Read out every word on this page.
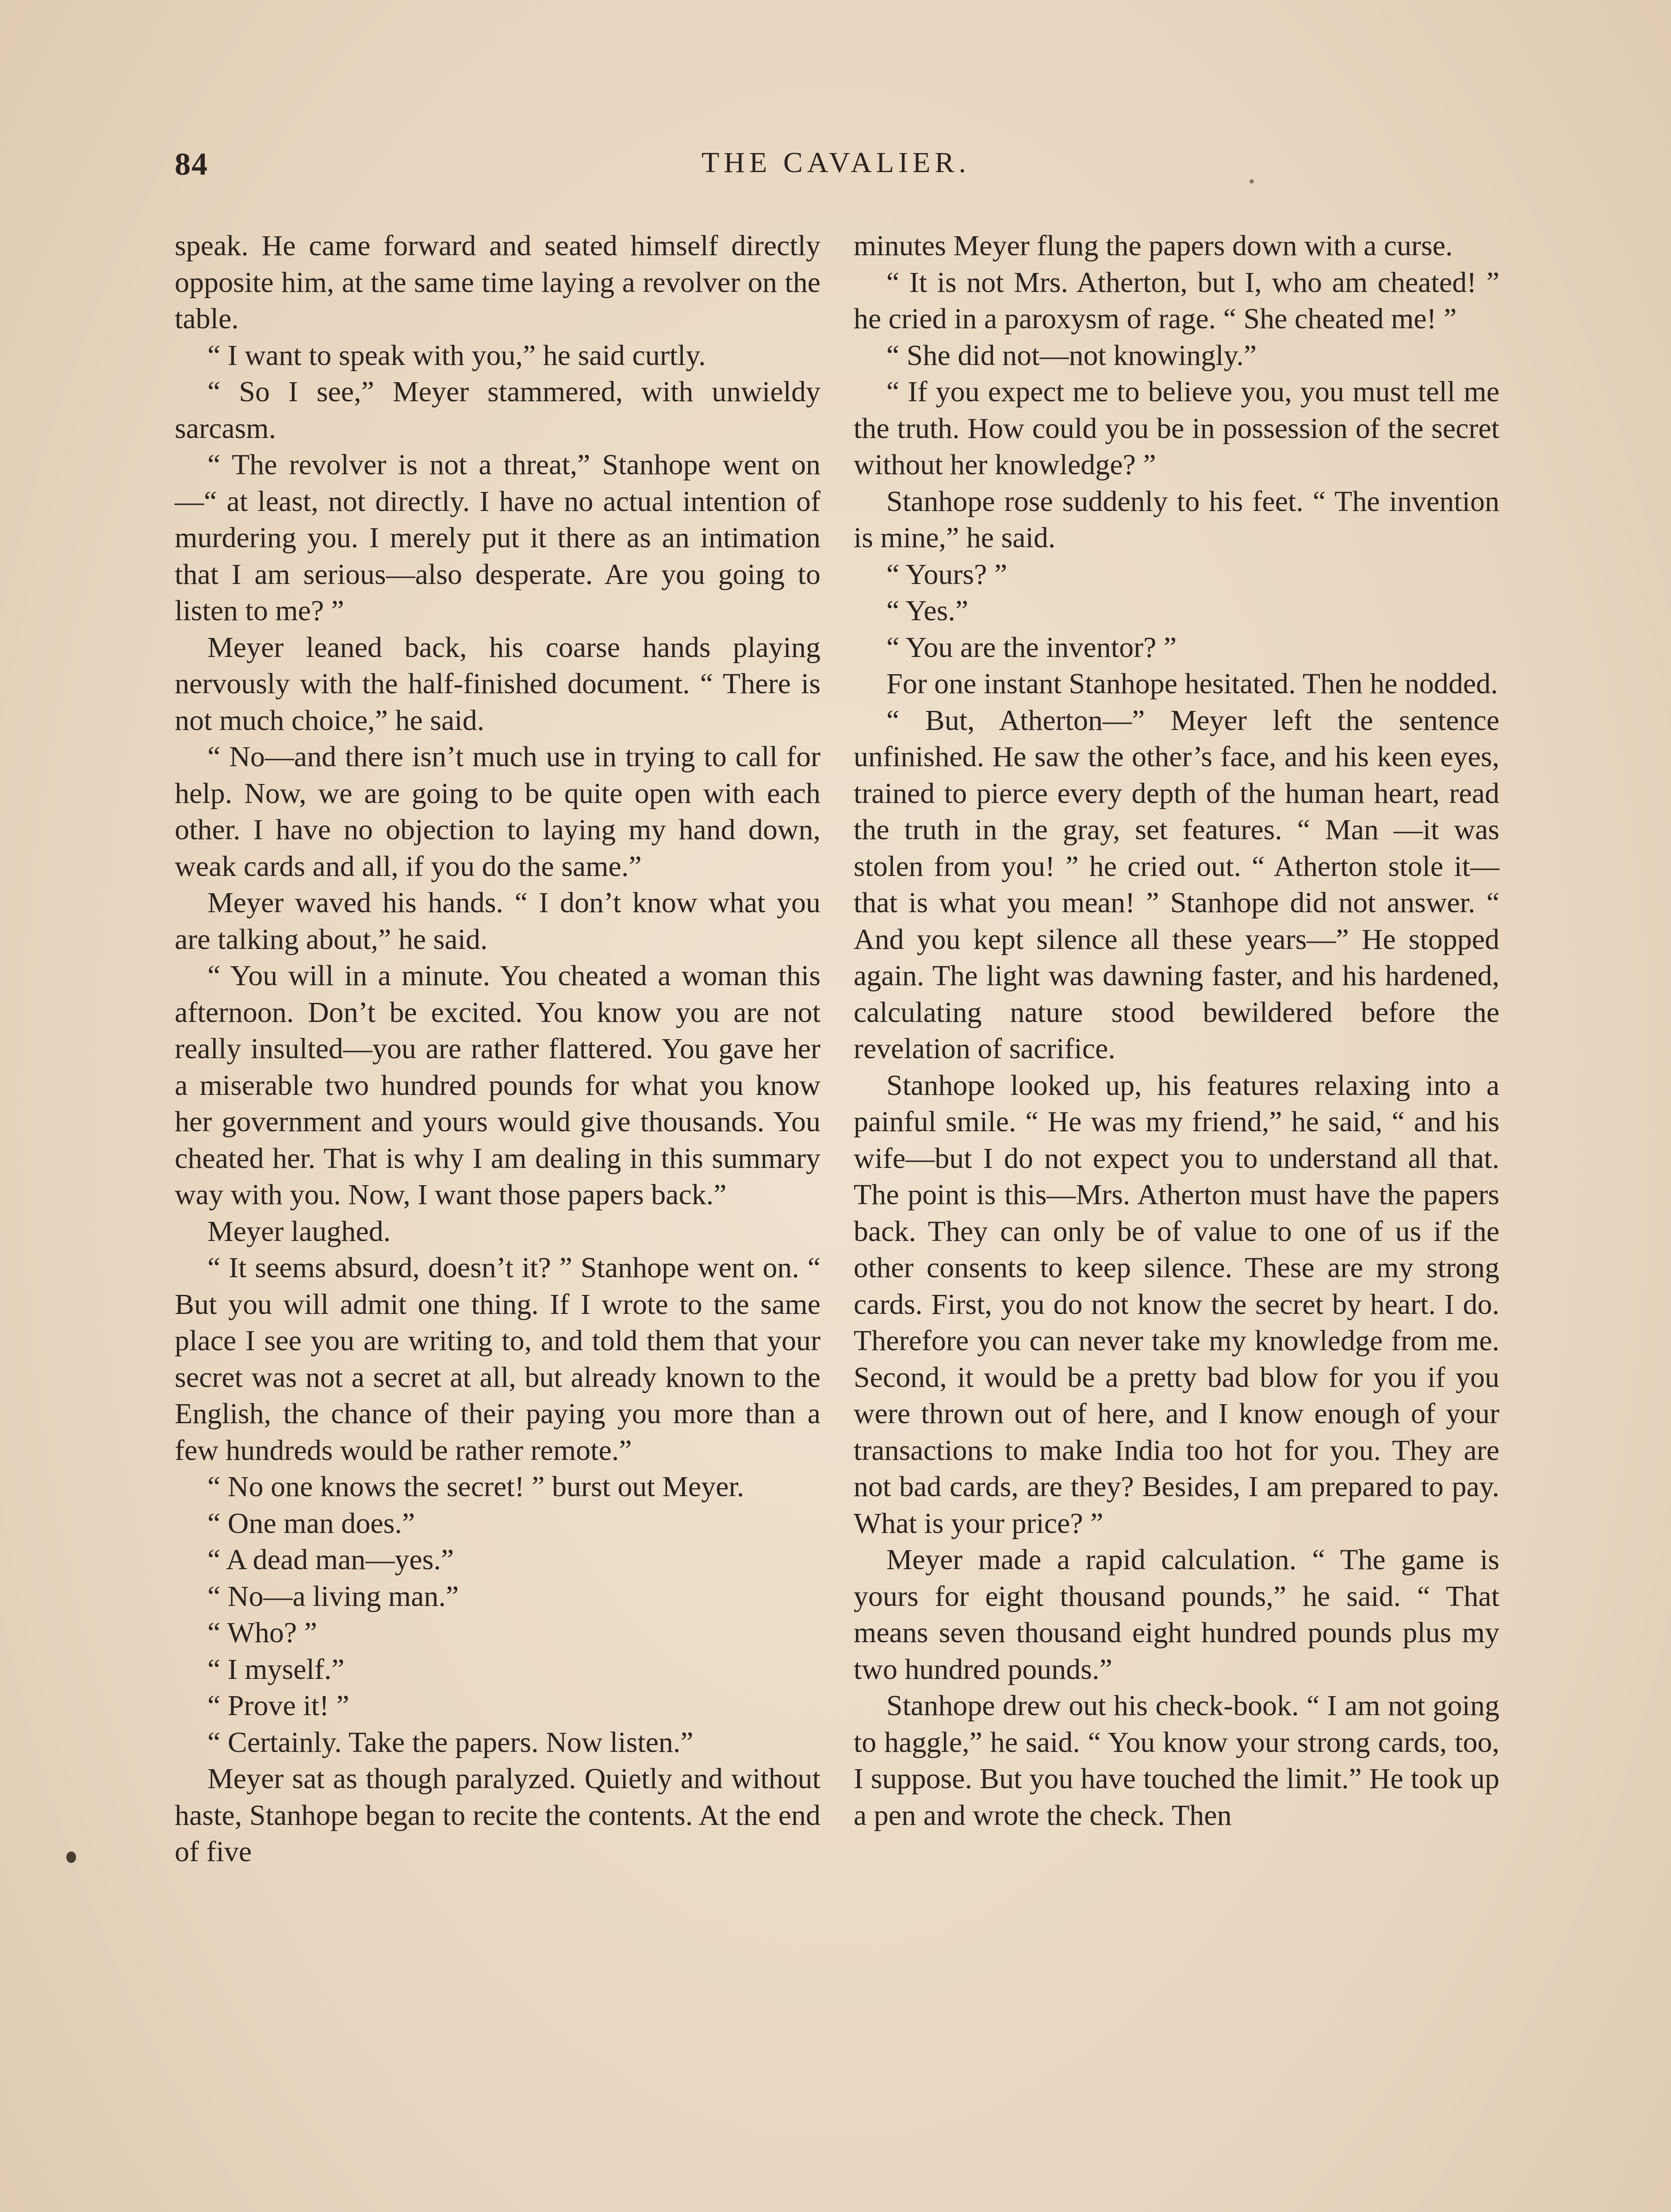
84	THE CAVALIER.

speak. He came forward and seated himself directly opposite him, at the same time laying a revolver on the table.

“ I want to speak with you,” he said curtly.

“ So I see,” Meyer stammered, with unwieldy sarcasm.

“ The revolver is not a threat,” Stanhope went on—“ at least, not directly. I have no actual intention of murdering you. I merely put it there as an intimation that I am serious—also desperate. Are you going to listen to me? ”

Meyer leaned back, his coarse hands playing nervously with the half-finished document. “ There is not much choice,” he said.

“ No—and there isn’t much use in trying to call for help. Now, we are going to be quite open with each other. I have no objection to laying my hand down, weak cards and all, if you do the same.”

Meyer waved his hands. “ I don’t know what you are talking about,” he said.

“ You will in a minute. You cheated a woman this afternoon. Don’t be excited. You know you are not really insulted—you are rather flattered. You gave her a miserable two hundred pounds for what you know her government and yours would give thousands. You cheated her. That is why I am dealing in this summary way with you. Now, I want those papers back.”

Meyer laughed.

“ It seems absurd, doesn’t it? ” Stanhope went on. “ But you will admit one thing. If I wrote to the same place I see you are writing to, and told them that your secret was not a secret at all, but already known to the English, the chance of their paying you more than a few hundreds would be rather remote.”

“ No one knows the secret! ” burst out Meyer.

“ One man does.”

“ A dead man—yes.”

“ No—a living man.”

“ Who? ”

“ I myself.”

“ Prove it! ”

“ Certainly. Take the papers. Now listen.”

Meyer sat as though paralyzed. Quietly and without haste, Stanhope began to recite the contents. At the end of five

minutes Meyer flung the papers down with a curse.

“ It is not Mrs. Atherton, but I, who am cheated! ” he cried in a paroxysm of rage. “ She cheated me! ”

“ She did not—not knowingly.”

“ If you expect me to believe you, you must tell me the truth. How could you be in possession of the secret without her knowledge? ”

Stanhope rose suddenly to his feet. “ The invention is mine,” he said.

“ Yours? ”

“ Yes.”

“ You are the inventor? ”

For one instant Stanhope hesitated. Then he nodded.

“ But, Atherton—” Meyer left the sentence unfinished. He saw the other’s face, and his keen eyes, trained to pierce every depth of the human heart, read the truth in the gray, set features. “ Man —it was stolen from you! ” he cried out. “ Atherton stole it—that is what you mean! ” Stanhope did not answer. “ And you kept silence all these years—” He stopped again. The light was dawning faster, and his hardened, calculating nature stood bewildered before the revelation of sacrifice.

Stanhope looked up, his features relaxing into a painful smile. “ He was my friend,” he said, “ and his wife—but I do not expect you to understand all that. The point is this—Mrs. Atherton must have the papers back. They can only be of value to one of us if the other consents to keep silence. These are my strong cards. First, you do not know the secret by heart. I do. Therefore you can never take my knowledge from me. Second, it would be a pretty bad blow for you if you were thrown out of here, and I know enough of your transactions to make India too hot for you. They are not bad cards, are they? Besides, I am prepared to pay. What is your price? ”

Meyer made a rapid calculation. “ The game is yours for eight thousand pounds,” he said. “ That means seven thousand eight hundred pounds plus my two hundred pounds.”

Stanhope drew out his check-book. “ I am not going to haggle,” he said. “ You know your strong cards, too, I suppose. But you have touched the limit.” He took up a pen and wrote the check. Then
